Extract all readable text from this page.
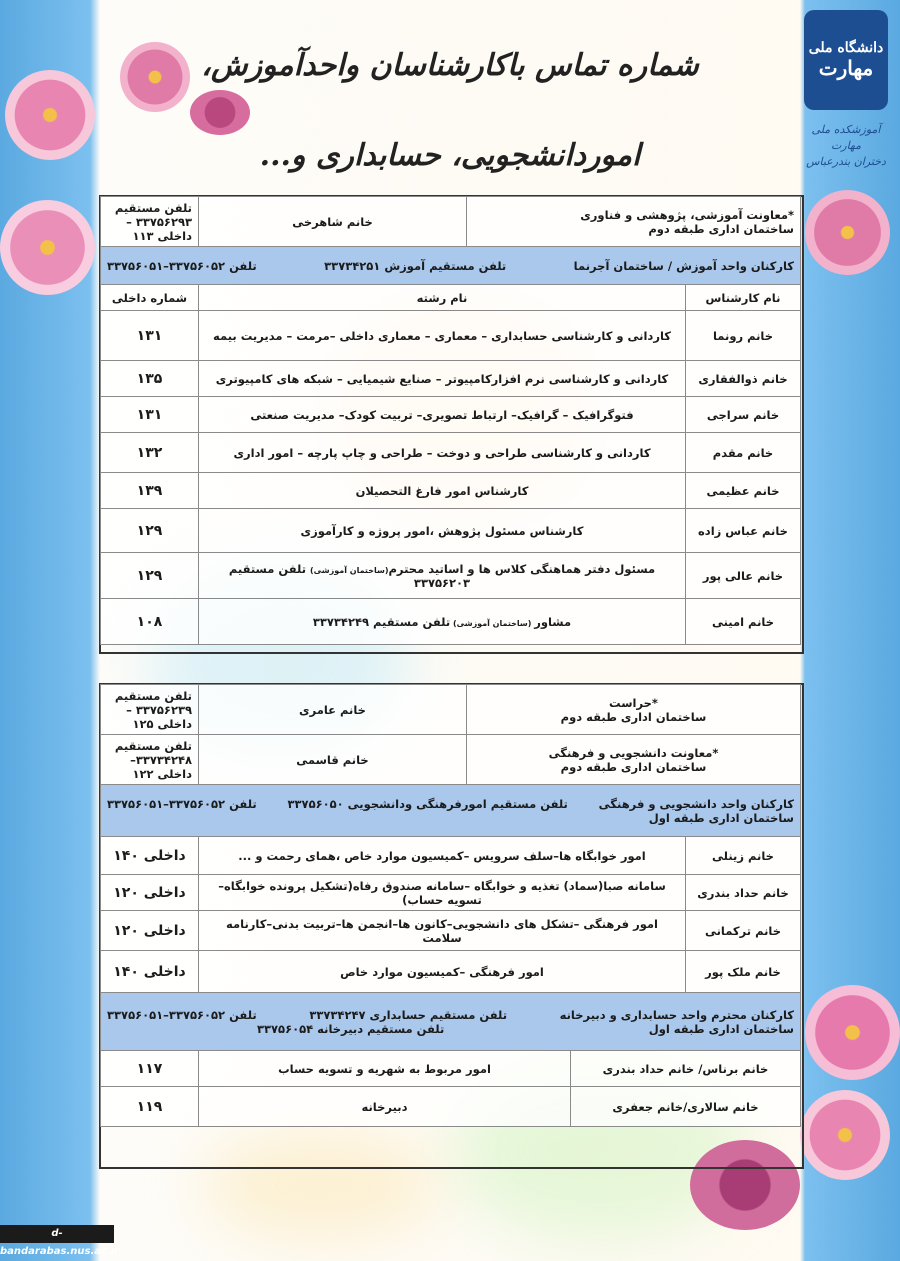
شماره تماس باکارشناسان واحدآموزش،
اموردانشجویی، حسابداری و...
دانشگاه ملی
مهارت
آموزشکده ملی مهارت
دختران بندرعباس
*معاونت آموزشی، پژوهشی و فناوری
ساختمان اداری طبقه دوم		خانم شاهرخی	تلفن مستقیم ۳۳۷۵۶۲۹۳ –داخلی ۱۱۳

کارکنان واحد آموزش / ساختمان آجرنما
تلفن مستقیم آموزش ۳۳۷۳۴۲۵۱
تلفن ۳۳۷۵۶۰۵۲–۳۳۷۵۶۰۵۱			

نام کارشناس	نام رشته		شماره داخلی
خانم رونما	کاردانی و کارشناسی حسابداری – معماری – معماری داخلی –مرمت – مدیریت بیمه		۱۳۱
خانم ذوالفقاری	کاردانی و کارشناسی نرم افزارکامپیوتر – صنایع شیمیایی – شبکه های کامپیوتری		۱۳۵
خانم سراجی	فتوگرافیک – گرافیک– ارتباط تصویری– تربیت کودک– مدیریت صنعتی		۱۳۱
خانم مقدم	کاردانی و کارشناسی طراحی و دوخت – طراحی و چاپ پارچه – امور اداری		۱۳۲
خانم عظیمی	کارشناس امور فارغ التحصیلان		۱۳۹
خانم عباس زاده	کارشناس مسئول پژوهش ،امور پروژه و کارآموزی		۱۲۹
خانم عالی پور	مسئول دفتر هماهنگی کلاس ها و اساتید محترم(ساختمان آموزشی) تلفن مستقیم ۳۳۷۵۶۲۰۳		۱۲۹
خانم امینی	مشاور (ساختمان آموزشی) تلفن مستقیم ۳۳۷۳۴۲۴۹		۱۰۸
*حراست
ساختمان اداری طبقه دوم			خانم عامری	تلفن مستقیم ۳۳۷۵۶۲۳۹ –داخلی ۱۲۵

*معاونت دانشجویی و فرهنگی
ساختمان اداری طبقه دوم			خانم قاسمی	تلفن مستقیم ۳۳۷۳۴۲۴۸–داخلی ۱۲۲

کارکنان واحد دانشجویی و فرهنگی
تلفن مستقیم امورفرهنگی ودانشجویی ۳۳۷۵۶۰۵۰
تلفن ۳۳۷۵۶۰۵۲–۳۳۷۵۶۰۵۱
ساختمان اداری طبقه اول				

خانم زینلی	امور خوابگاه ها–سلف سرویس –کمیسیون موارد خاص ،همای رحمت و ...			داخلی ۱۴۰
خانم حداد بندری	سامانه صبا(سماد) تغذیه و خوابگاه –سامانه صندوق رفاه(تشکیل پرونده خوابگاه–تسویه حساب)			داخلی ۱۲۰
خانم ترکمانی	امور فرهنگی –تشکل های دانشجویی–کانون ها–انجمن ها–تربیت بدنی–کارنامه سلامت			داخلی ۱۲۰
خانم ملک پور	امور فرهنگی –کمیسیون موارد خاص			داخلی ۱۴۰

کارکنان محترم واحد حسابداری و دبیرخانه
تلفن مستقیم حسابداری ۳۳۷۳۴۲۴۷
تلفن ۳۳۷۵۶۰۵۲–۳۳۷۵۶۰۵۱
ساختمان اداری طبقه اول
تلفن مستقیم دبیرخانه ۳۳۷۵۶۰۵۴				

خانم برناس/ خانم حداد بندری		امور مربوط به شهریه و تسویه حساب		۱۱۷
خانم سالاری/خانم جعفری		دبیرخانه		۱۱۹
d-bandarabas.nus.ac.ir
